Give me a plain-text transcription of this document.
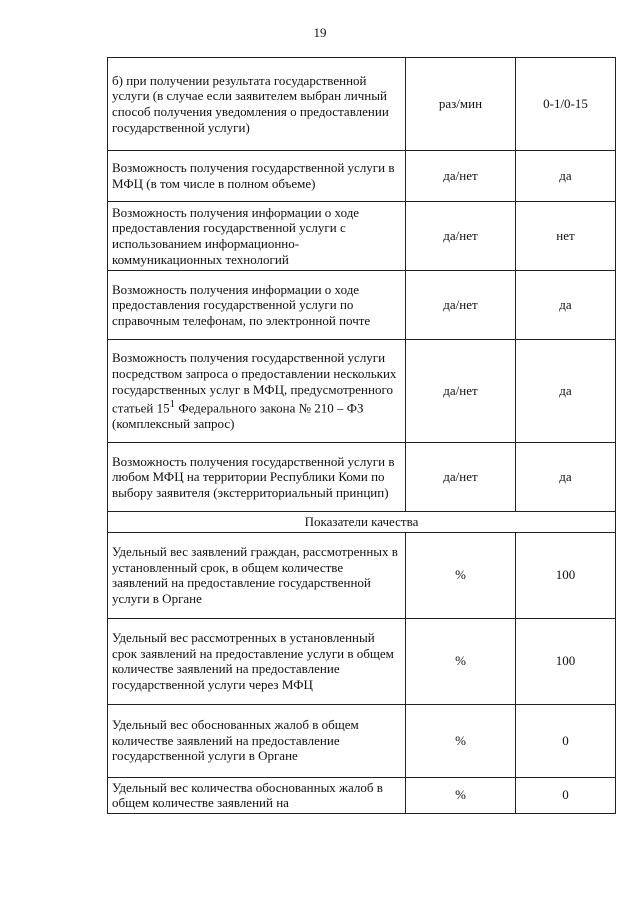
19
б) при получении результата государственной услуги (в случае если заявителем выбран личный способ получения уведомления о предоставлении государственной услуги)	раз/мин	0-1/0-15
Возможность получения государственной услуги в МФЦ (в том числе в полном объеме)	да/нет	да
Возможность получения информации о ходе предоставления государственной услуги с использованием информационно-коммуникационных технологий	да/нет	нет
Возможность получения информации о ходе предоставления государственной услуги по справочным телефонам, по электронной почте	да/нет	да
Возможность получения государственной услуги посредством запроса о предоставлении нескольких государственных услуг в МФЦ, предусмотренного статьей $15^1$ Федерального закона № 210 – ФЗ (комплексный запрос)	да/нет	да
Возможность получения государственной услуги в любом МФЦ на территории Республики Коми по выбору заявителя (экстерриториальный принцип)	да/нет	да
Показатели качества		
Удельный вес заявлений граждан, рассмотренных в установленный срок, в общем количестве заявлений на предоставление государственной услуги в Органе	%	100
Удельный вес рассмотренных в установленный срок заявлений на предоставление услуги в общем количестве заявлений на предоставление государственной услуги через МФЦ	%	100
Удельный вес обоснованных жалоб в общем количестве заявлений на предоставление государственной услуги в Органе	%	0
Удельный вес количества обоснованных жалоб в общем количестве заявлений на	%	0
